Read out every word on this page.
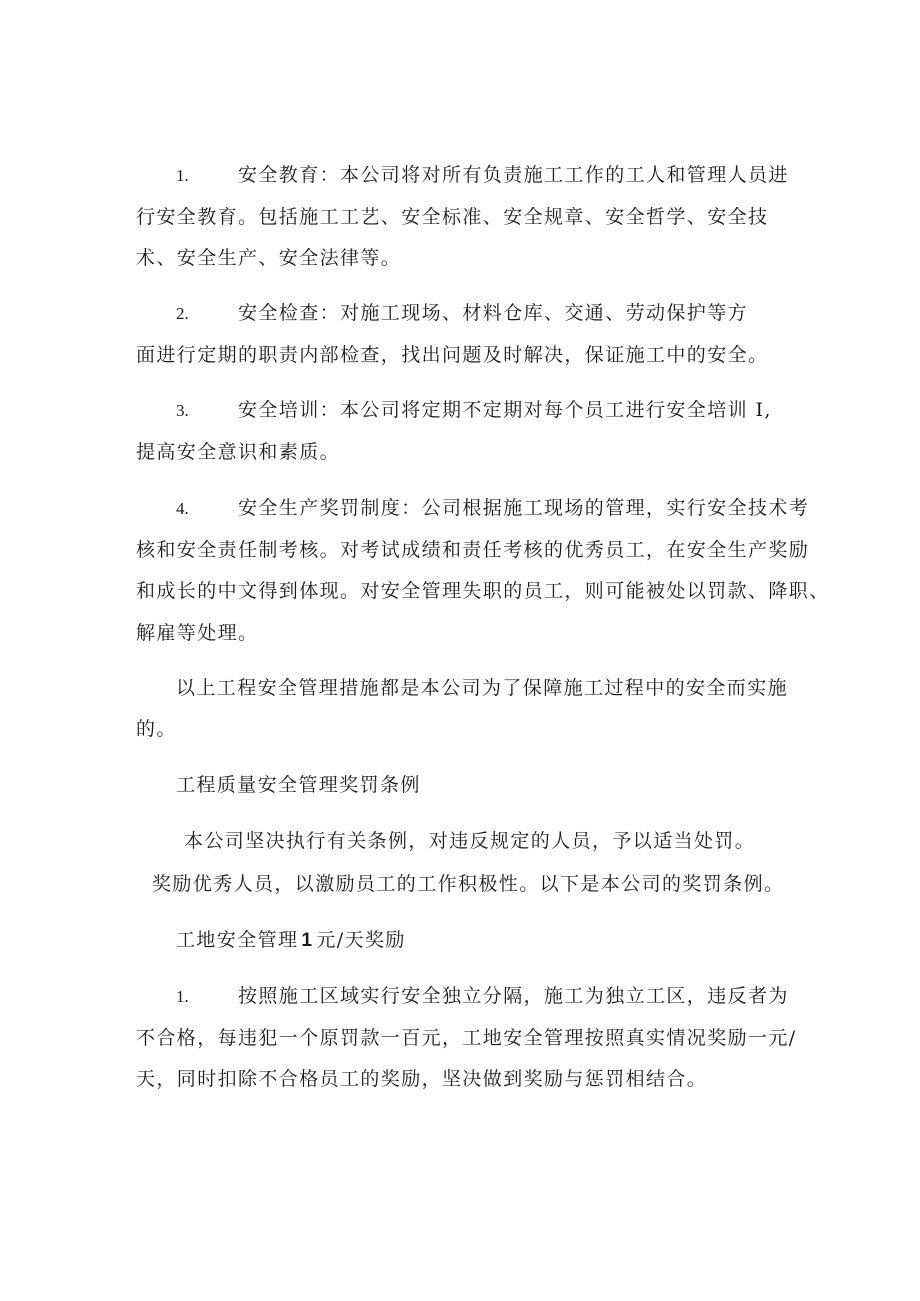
1.	安全教育：本公司将对所有负责施工工作的工人和管理人员进
行安全教育。包括施工工艺、安全标准、安全规章、安全哲学、安全技
术、安全生产、安全法律等。
2.	安全检查：对施工现场、材料仓库、交通、劳动保护等方
面进行定期的职责内部检查，找出问题及时解决，保证施工中的安全。
3.	安全培训：本公司将定期不定期对每个员工进行安全培训 I,
提高安全意识和素质。
4.	安全生产奖罚制度：公司根据施工现场的管理，实行安全技术考
核和安全责任制考核。对考试成绩和责任考核的优秀员工，在安全生产奖励
和成长的中文得到体现。对安全管理失职的员工，则可能被处以罚款、降职、
解雇等处理。
以上工程安全管理措施都是本公司为了保障施工过程中的安全而实施
的。
工程质量安全管理奖罚条例
本公司坚决执行有关条例，对违反规定的人员，予以适当处罚。
奖励优秀人员，以激励员工的工作积极性。以下是本公司的奖罚条例。
工地安全管理 1 元/天奖励
1.	按照施工区域实行安全独立分隔，施工为独立工区，违反者为
不合格，每违犯一个原罚款一百元，工地安全管理按照真实情况奖励一元/
天，同时扣除不合格员工的奖励，坚决做到奖励与惩罚相结合。
